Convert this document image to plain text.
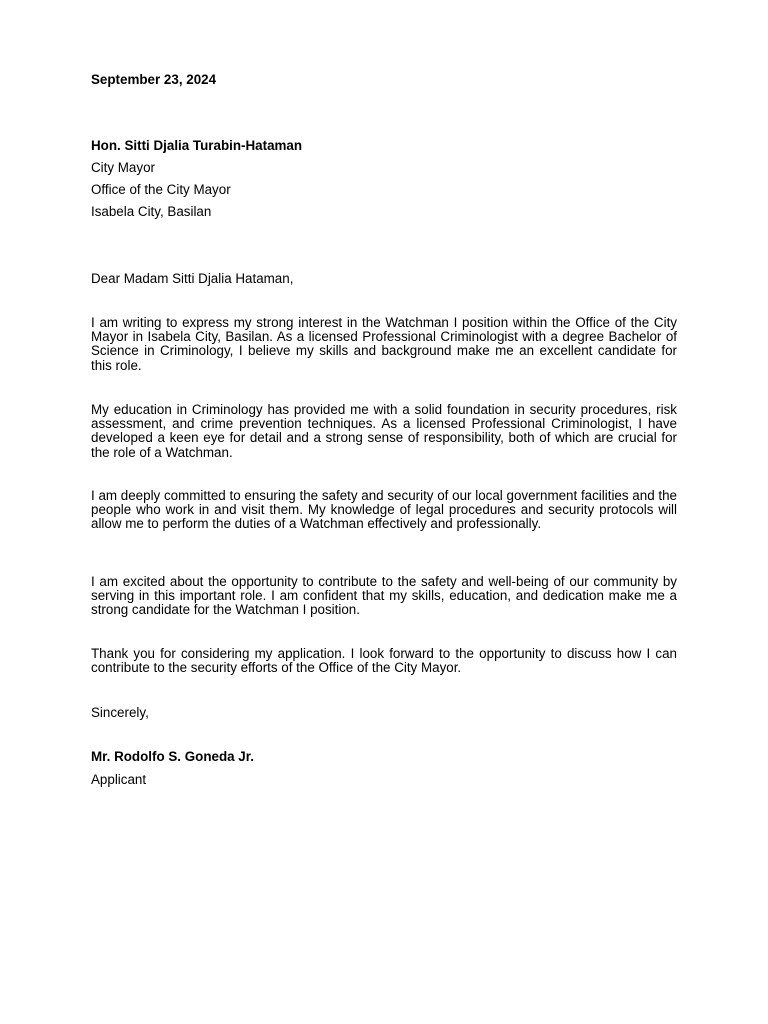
September 23, 2024

Hon. Sitti Djalia Turabin-Hataman

City Mayor

Office of the City Mayor

Isabela City, Basilan

Dear Madam Sitti Djalia Hataman,

I am writing to express my strong interest in the Watchman I position within the Office of the City Mayor in Isabela City, Basilan. As a licensed Professional Criminologist with a degree Bachelor of Science in Criminology, I believe my skills and background make me an excellent candidate for this role.

My education in Criminology has provided me with a solid foundation in security procedures, risk assessment, and crime prevention techniques. As a licensed Professional Criminologist, I have developed a keen eye for detail and a strong sense of responsibility, both of which are crucial for the role of a Watchman.

I am deeply committed to ensuring the safety and security of our local government facilities and the people who work in and visit them. My knowledge of legal procedures and security protocols will allow me to perform the duties of a Watchman effectively and professionally.

I am excited about the opportunity to contribute to the safety and well-being of our community by serving in this important role. I am confident that my skills, education, and dedication make me a strong candidate for the Watchman I position.

Thank you for considering my application. I look forward to the opportunity to discuss how I can contribute to the security efforts of the Office of the City Mayor.

Sincerely,

Mr. Rodolfo S. Goneda Jr.

Applicant
